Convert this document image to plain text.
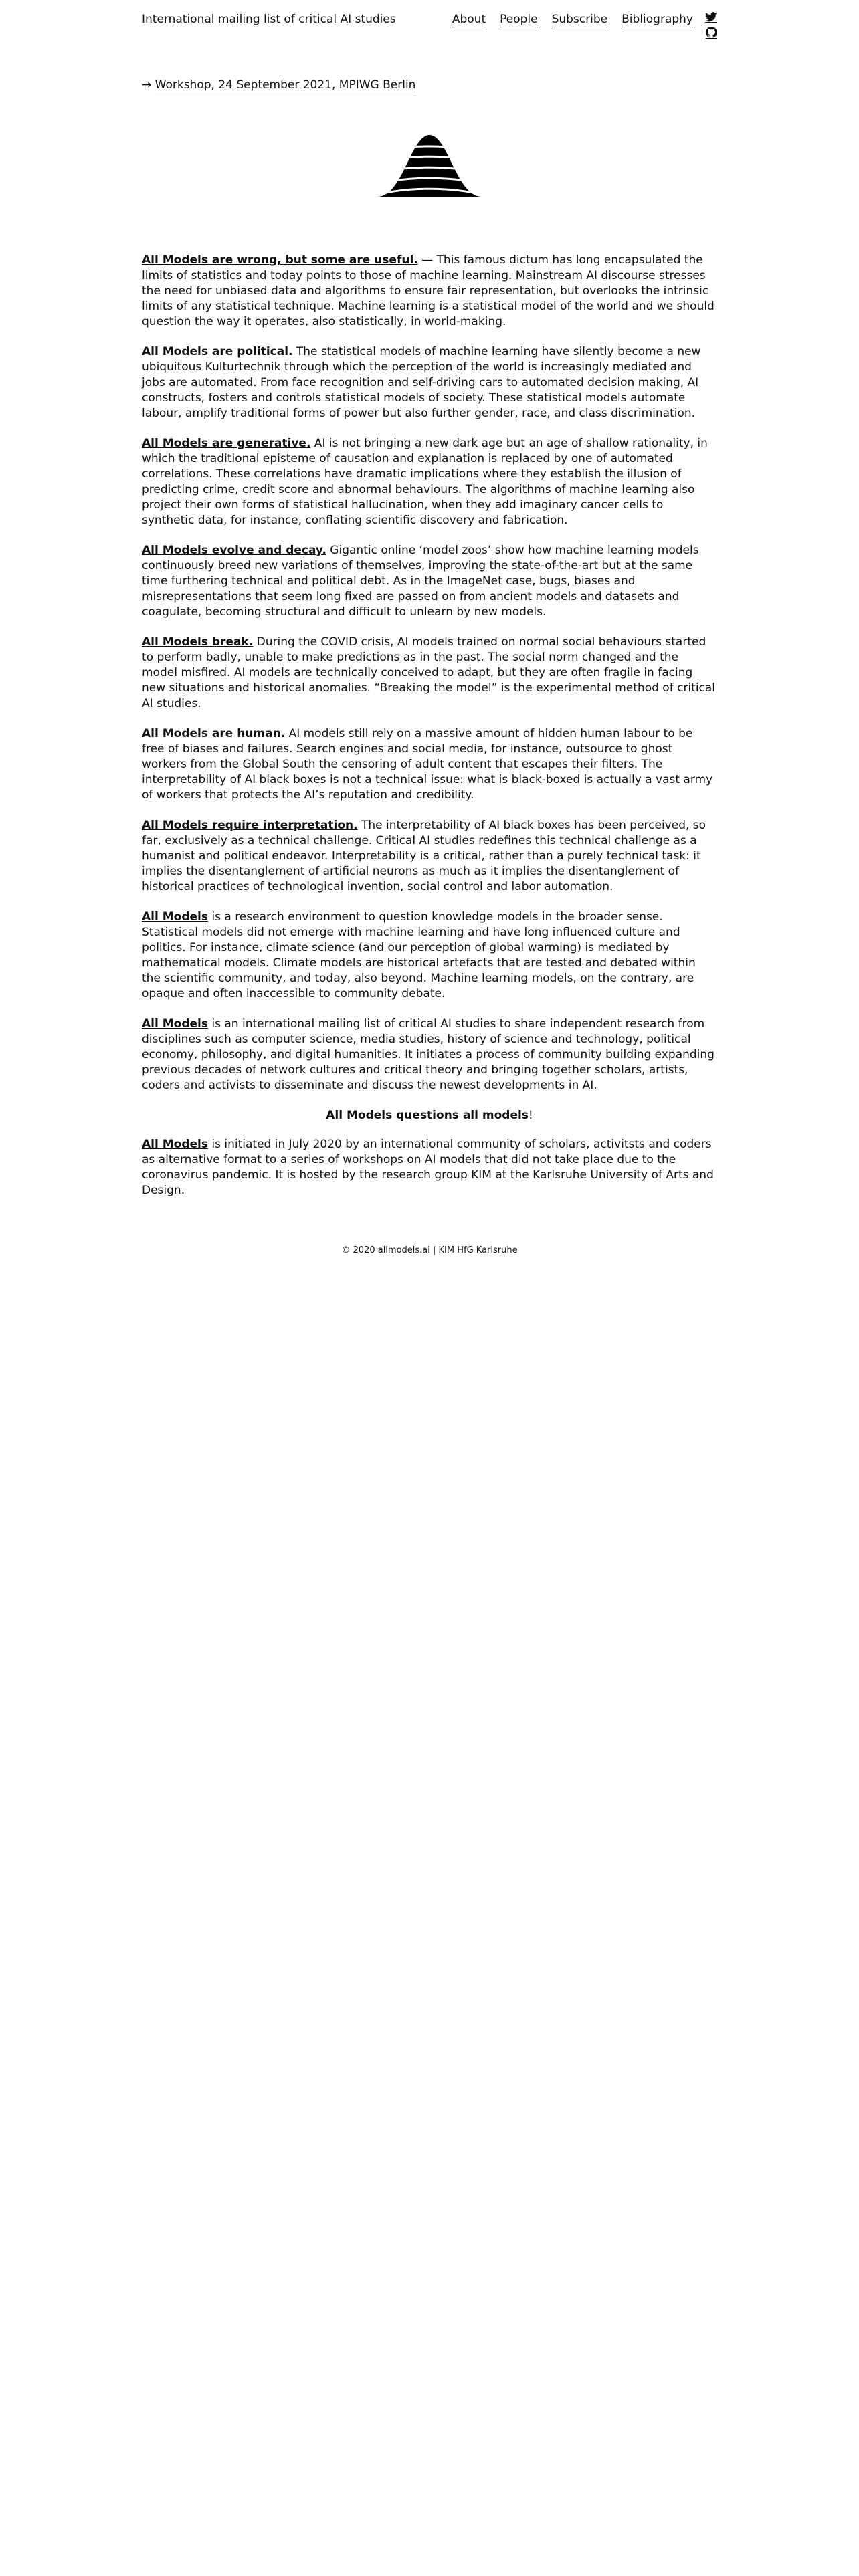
International mailing list of critical AI studies	About People Subscribe Bibliography
→ Workshop, 24 September 2021, MPIWG Berlin

All Models are wrong, but some are useful. — This famous dictum has long encapsulated the limits of statistics and today points to those of machine learning. Mainstream AI discourse stresses the need for unbiased data and algorithms to ensure fair representation, but overlooks the intrinsic limits of any statistical technique. Machine learning is a statistical model of the world and we should question the way it operates, also statistically, in world-making.

All Models are political. The statistical models of machine learning have silently become a new ubiquitous Kulturtechnik through which the perception of the world is increasingly mediated and jobs are automated. From face recognition and self-driving cars to automated decision making, AI constructs, fosters and controls statistical models of society. These statistical models automate labour, amplify traditional forms of power but also further gender, race, and class discrimination.

All Models are generative. AI is not bringing a new dark age but an age of shallow rationality, in which the traditional episteme of causation and explanation is replaced by one of automated correlations. These correlations have dramatic implications where they establish the illusion of predicting crime, credit score and abnormal behaviours. The algorithms of machine learning also project their own forms of statistical hallucination, when they add imaginary cancer cells to synthetic data, for instance, conflating scientific discovery and fabrication.

All Models evolve and decay. Gigantic online ‘model zoos’ show how machine learning models continuously breed new variations of themselves, improving the state-of-the-art but at the same time furthering technical and political debt. As in the ImageNet case, bugs, biases and misrepresentations that seem long fixed are passed on from ancient models and datasets and coagulate, becoming structural and difficult to unlearn by new models.

All Models break. During the COVID crisis, AI models trained on normal social behaviours started to perform badly, unable to make predictions as in the past. The social norm changed and the model misfired. AI models are technically conceived to adapt, but they are often fragile in facing new situations and historical anomalies. “Breaking the model” is the experimental method of critical AI studies.

All Models are human. AI models still rely on a massive amount of hidden human labour to be free of biases and failures. Search engines and social media, for instance, outsource to ghost workers from the Global South the censoring of adult content that escapes their filters. The interpretability of AI black boxes is not a technical issue: what is black-boxed is actually a vast army of workers that protects the AI’s reputation and credibility.

All Models require interpretation. The interpretability of AI black boxes has been perceived, so far, exclusively as a technical challenge. Critical AI studies redefines this technical challenge as a humanist and political endeavor. Interpretability is a critical, rather than a purely technical task: it implies the disentanglement of artificial neurons as much as it implies the disentanglement of historical practices of technological invention, social control and labor automation.

All Models is a research environment to question knowledge models in the broader sense. Statistical models did not emerge with machine learning and have long influenced culture and politics. For instance, climate science (and our perception of global warming) is mediated by mathematical models. Climate models are historical artefacts that are tested and debated within the scientific community, and today, also beyond. Machine learning models, on the contrary, are opaque and often inaccessible to community debate.

All Models is an international mailing list of critical AI studies to share independent research from disciplines such as computer science, media studies, history of science and technology, political economy, philosophy, and digital humanities. It initiates a process of community building expanding previous decades of network cultures and critical theory and bringing together scholars, artists, coders and activists to disseminate and discuss the newest developments in AI.

All Models questions all models!

All Models is initiated in July 2020 by an international community of scholars, activitsts and coders as alternative format to a series of workshops on AI models that did not take place due to the coronavirus pandemic. It is hosted by the research group KIM at the Karlsruhe University of Arts and Design.

© 2020 allmodels.ai | KIM HfG Karlsruhe
